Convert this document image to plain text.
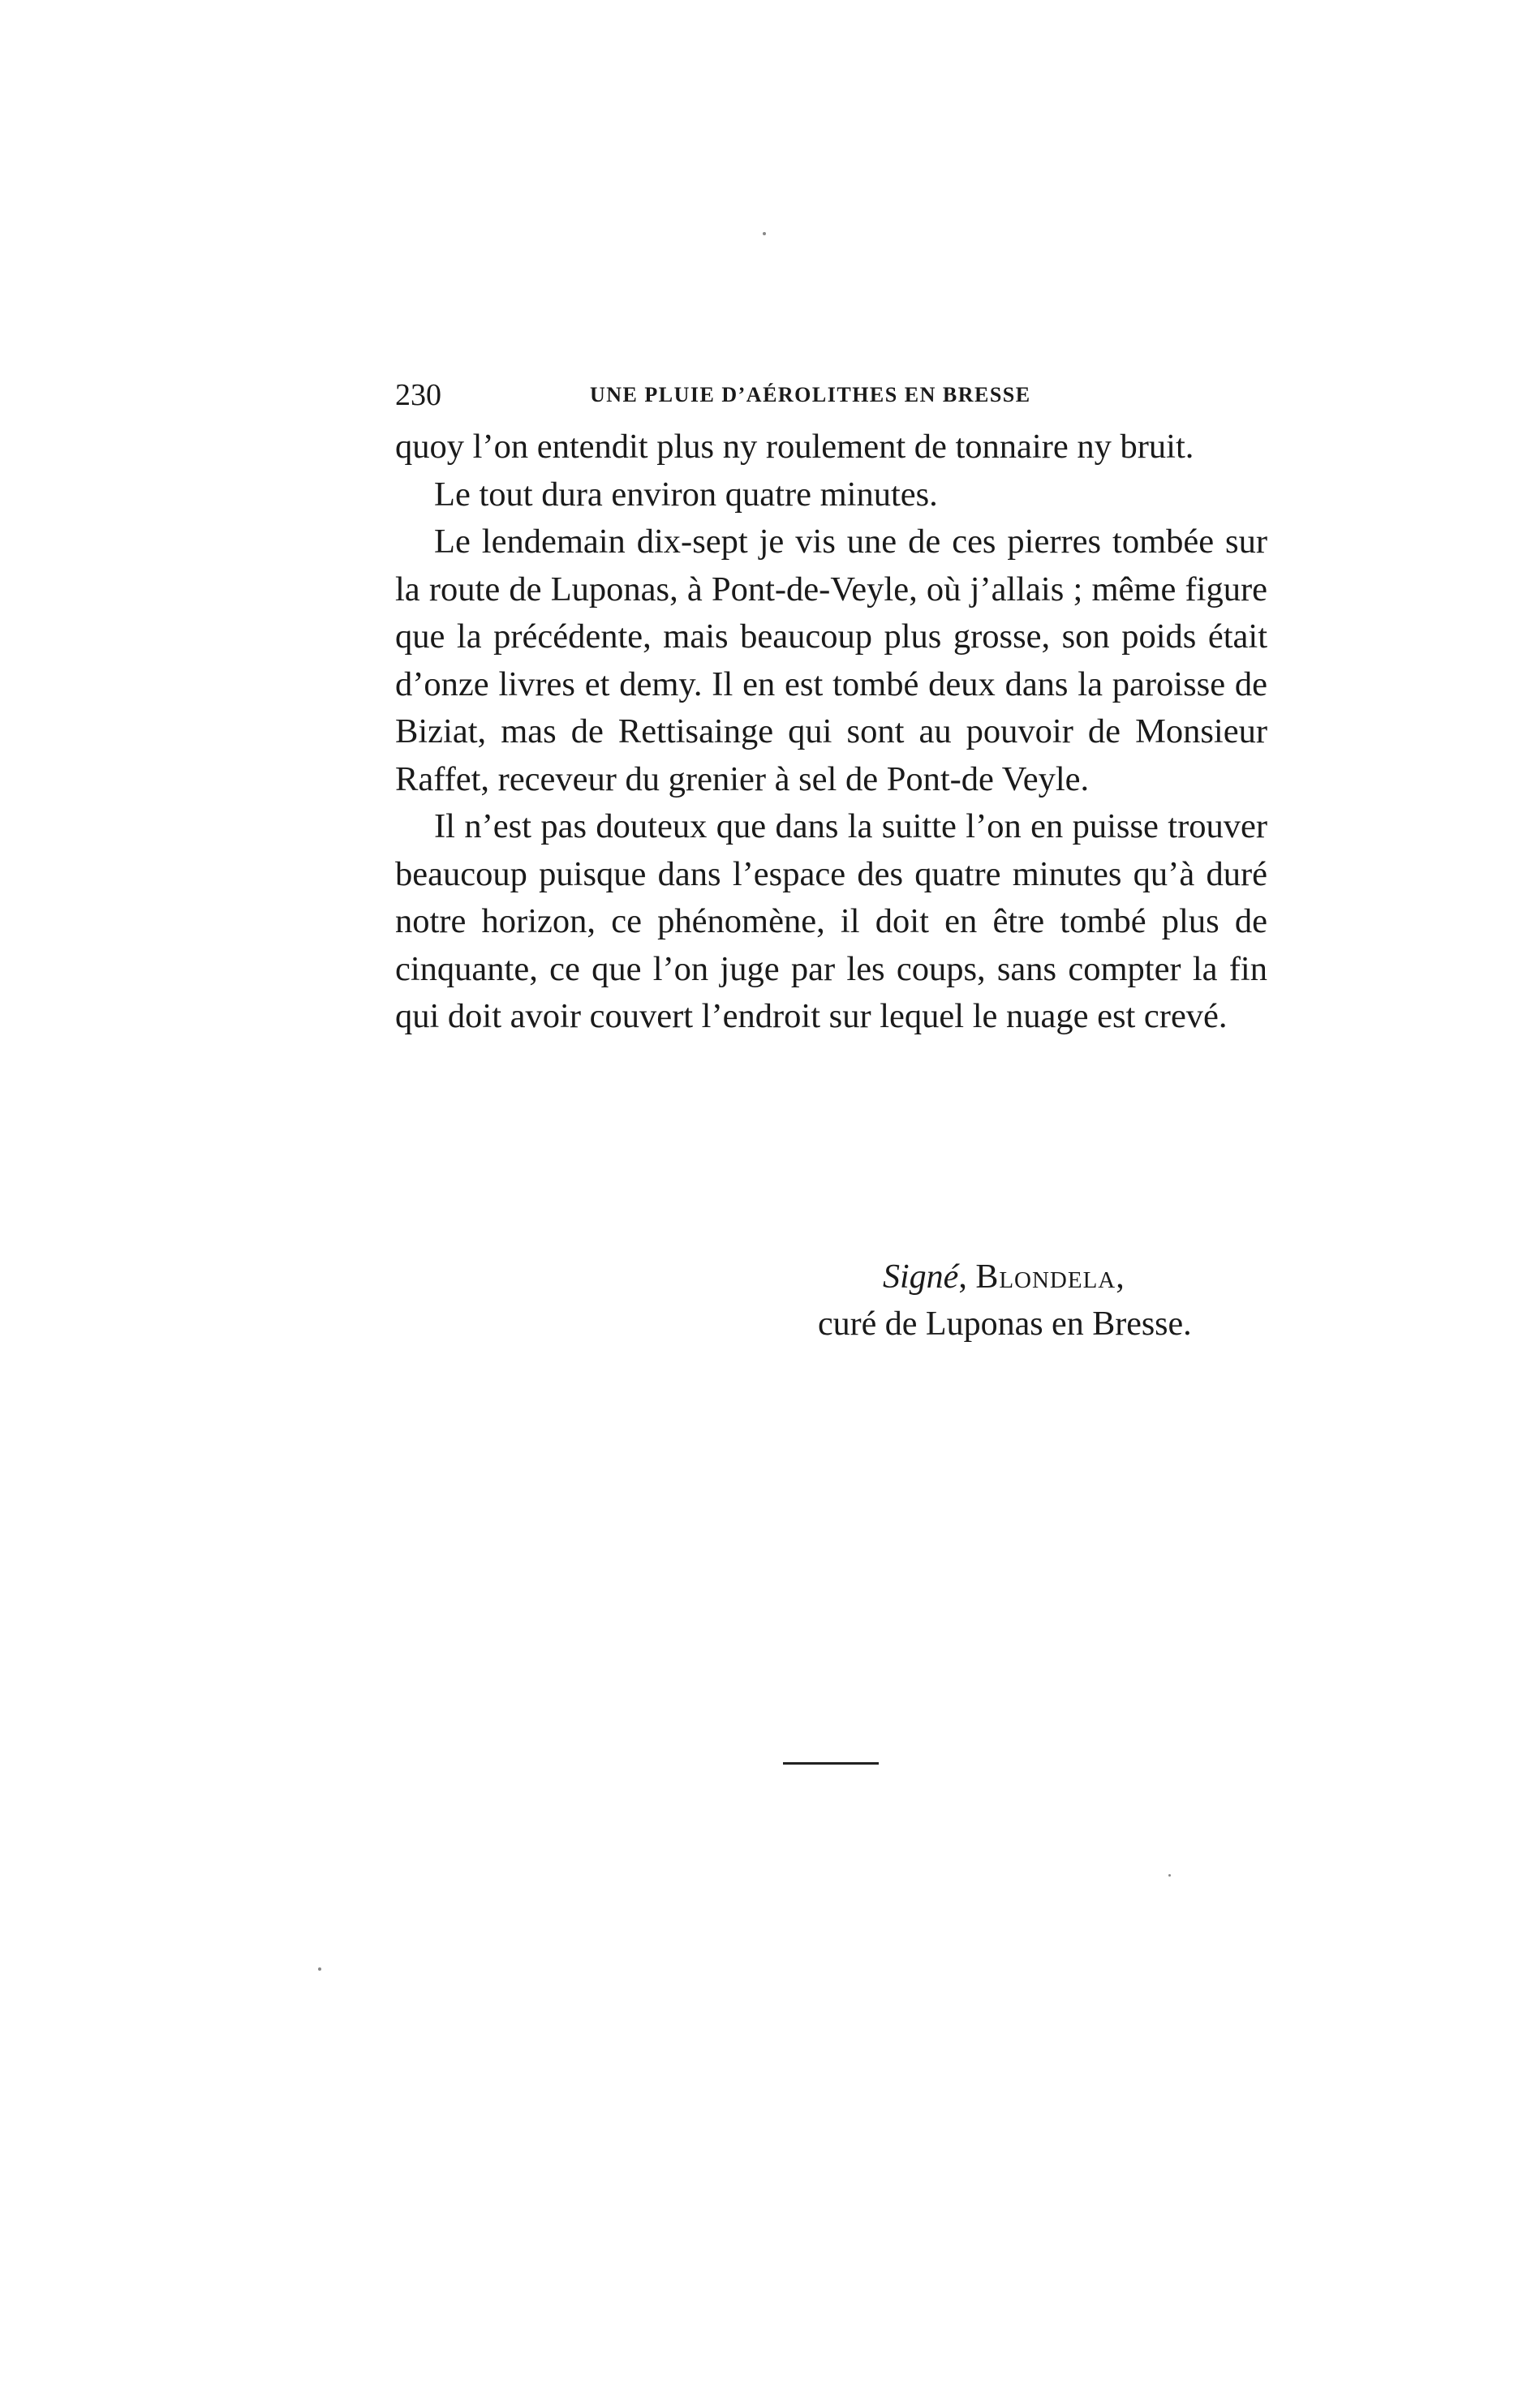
230	UNE PLUIE D’AÉROLITHES EN BRESSE

quoy l’on entendit plus ny roulement de tonnaire ny bruit.

Le tout dura environ quatre minutes.

Le lendemain dix-sept je vis une de ces pierres tombée sur la route de Luponas, à Pont-de-Veyle, où j’allais ; même figure que la précédente, mais beaucoup plus grosse, son poids était d’onze livres et demy. Il en est tombé deux dans la paroisse de Biziat, mas de Rettisainge qui sont au pouvoir de Monsieur Raffet, receveur du grenier à sel de Pont-de Veyle.

Il n’est pas douteux que dans la suitte l’on en puisse trouver beaucoup puisque dans l’espace des quatre minutes qu’à duré notre horizon, ce phénomène, il doit en être tombé plus de cinquante, ce que l’on juge par les coups, sans compter la fin qui doit avoir couvert l’endroit sur lequel le nuage est crevé.

Signé, Blondela,
curé de Luponas en Bresse.
